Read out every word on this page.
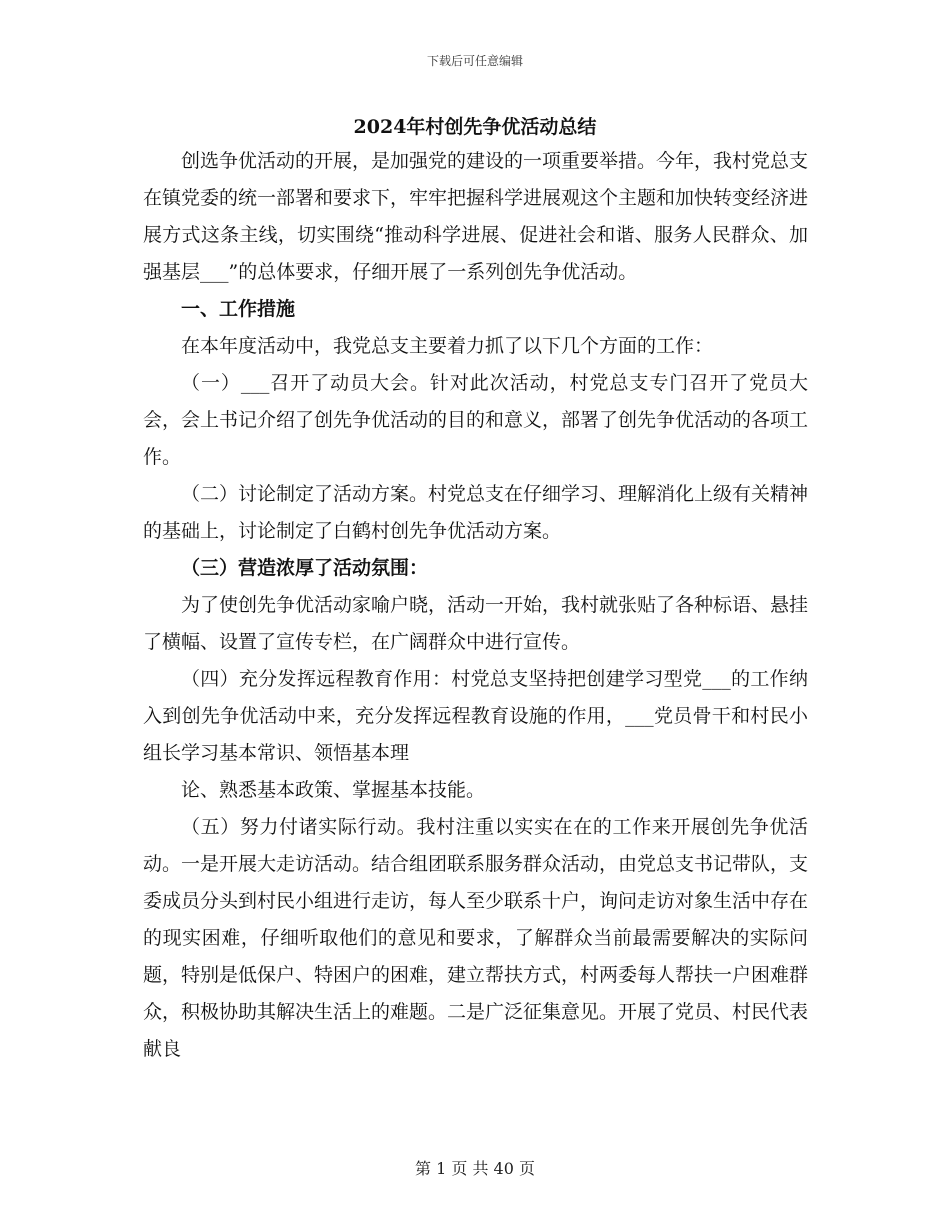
下载后可任意编辑
2024年村创先争优活动总结

创选争优活动的开展，是加强党的建设的一项重要举措。今年，我村党总支在镇党委的统一部署和要求下，牢牢把握科学进展观这个主题和加快转变经济进展方式这条主线，切实围绕“推动科学进展、促进社会和谐、服务人民群众、加强基层___”的总体要求，仔细开展了一系列创先争优活动。

一、工作措施

在本年度活动中，我党总支主要着力抓了以下几个方面的工作：

（一）___召开了动员大会。针对此次活动，村党总支专门召开了党员大会，会上书记介绍了创先争优活动的目的和意义，部署了创先争优活动的各项工作。

（二）讨论制定了活动方案。村党总支在仔细学习、理解消化上级有关精神的基础上，讨论制定了白鹤村创先争优活动方案。

（三）营造浓厚了活动氛围：

为了使创先争优活动家喻户晓，活动一开始，我村就张贴了各种标语、悬挂了横幅、设置了宣传专栏，在广阔群众中进行宣传。

（四）充分发挥远程教育作用：村党总支坚持把创建学习型党___的工作纳入到创先争优活动中来，充分发挥远程教育设施的作用，___党员骨干和村民小组长学习基本常识、领悟基本理

论、熟悉基本政策、掌握基本技能。

（五）努力付诸实际行动。我村注重以实实在在的工作来开展创先争优活动。一是开展大走访活动。结合组团联系服务群众活动，由党总支书记带队，支委成员分头到村民小组进行走访，每人至少联系十户，询问走访对象生活中存在的现实困难，仔细听取他们的意见和要求，了解群众当前最需要解决的实际问题，特别是低保户、特困户的困难，建立帮扶方式，村两委每人帮扶一户困难群众，积极协助其解决生活上的难题。二是广泛征集意见。开展了党员、村民代表献良

第 1 页 共 40 页
